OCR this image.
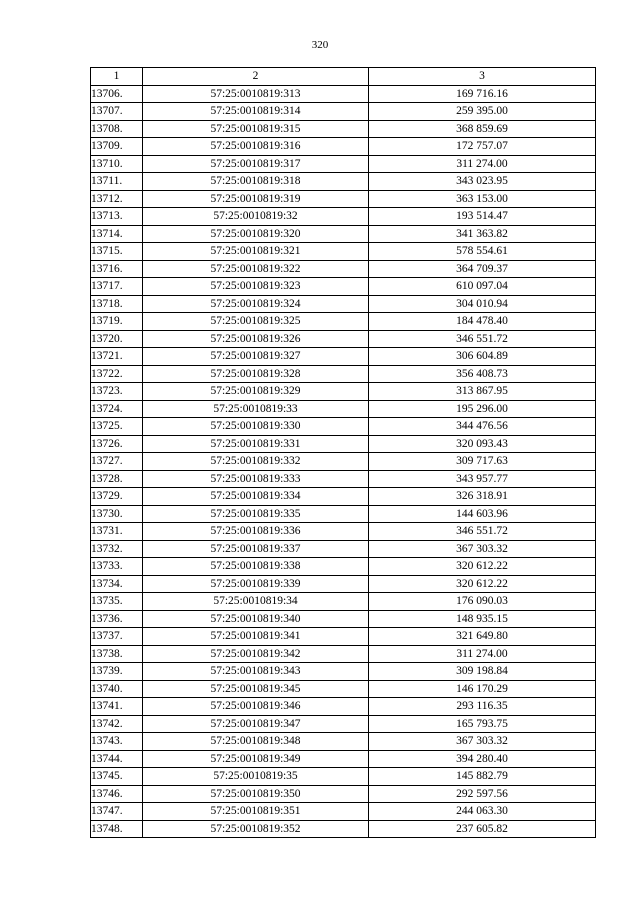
320
1	2	3
13706.	57:25:0010819:313	169 716.16
13707.	57:25:0010819:314	259 395.00
13708.	57:25:0010819:315	368 859.69
13709.	57:25:0010819:316	172 757.07
13710.	57:25:0010819:317	311 274.00
13711.	57:25:0010819:318	343 023.95
13712.	57:25:0010819:319	363 153.00
13713.	57:25:0010819:32	193 514.47
13714.	57:25:0010819:320	341 363.82
13715.	57:25:0010819:321	578 554.61
13716.	57:25:0010819:322	364 709.37
13717.	57:25:0010819:323	610 097.04
13718.	57:25:0010819:324	304 010.94
13719.	57:25:0010819:325	184 478.40
13720.	57:25:0010819:326	346 551.72
13721.	57:25:0010819:327	306 604.89
13722.	57:25:0010819:328	356 408.73
13723.	57:25:0010819:329	313 867.95
13724.	57:25:0010819:33	195 296.00
13725.	57:25:0010819:330	344 476.56
13726.	57:25:0010819:331	320 093.43
13727.	57:25:0010819:332	309 717.63
13728.	57:25:0010819:333	343 957.77
13729.	57:25:0010819:334	326 318.91
13730.	57:25:0010819:335	144 603.96
13731.	57:25:0010819:336	346 551.72
13732.	57:25:0010819:337	367 303.32
13733.	57:25:0010819:338	320 612.22
13734.	57:25:0010819:339	320 612.22
13735.	57:25:0010819:34	176 090.03
13736.	57:25:0010819:340	148 935.15
13737.	57:25:0010819:341	321 649.80
13738.	57:25:0010819:342	311 274.00
13739.	57:25:0010819:343	309 198.84
13740.	57:25:0010819:345	146 170.29
13741.	57:25:0010819:346	293 116.35
13742.	57:25:0010819:347	165 793.75
13743.	57:25:0010819:348	367 303.32
13744.	57:25:0010819:349	394 280.40
13745.	57:25:0010819:35	145 882.79
13746.	57:25:0010819:350	292 597.56
13747.	57:25:0010819:351	244 063.30
13748.	57:25:0010819:352	237 605.82
